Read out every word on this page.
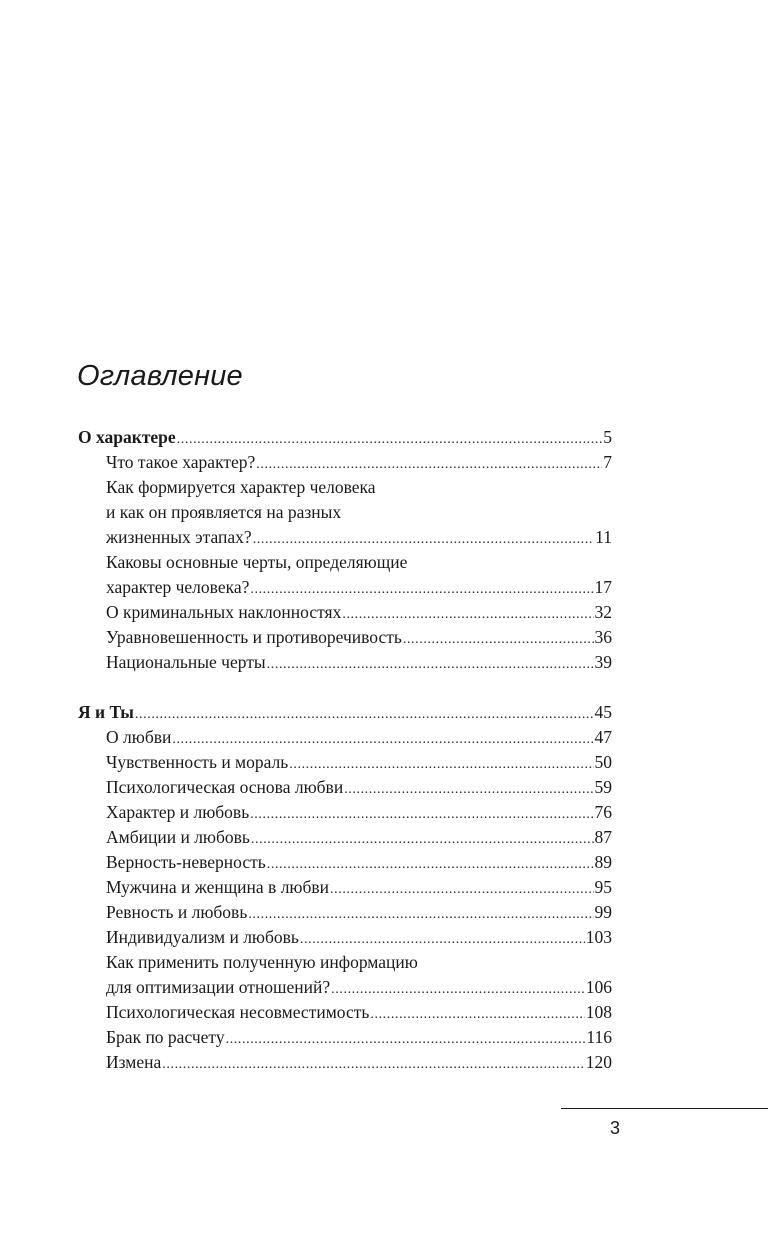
Оглавление
О характере .....	5
Что такое характер? .....	7
Как формируется характер человека
и как он проявляется на разных
жизненных этапах? .....	11
Каковы основные черты, определяющие
характер человека? .....	17
О криминальных наклонностях .....	32
Уравновешенность и противоречивость .....	36
Национальные черты .....	39
Я и Ты .....	45
О любви .....	47
Чувственность и мораль .....	50
Психологическая основа любви .....	59
Характер и любовь .....	76
Амбиции и любовь .....	87
Верность-неверность .....	89
Мужчина и женщина в любви .....	95
Ревность и любовь .....	99
Индивидуализм и любовь .....	103
Как применить полученную информацию
для оптимизации отношений? .....	106
Психологическая несовместимость .....	108
Брак по расчету .....	116
Измена .....	120
3
